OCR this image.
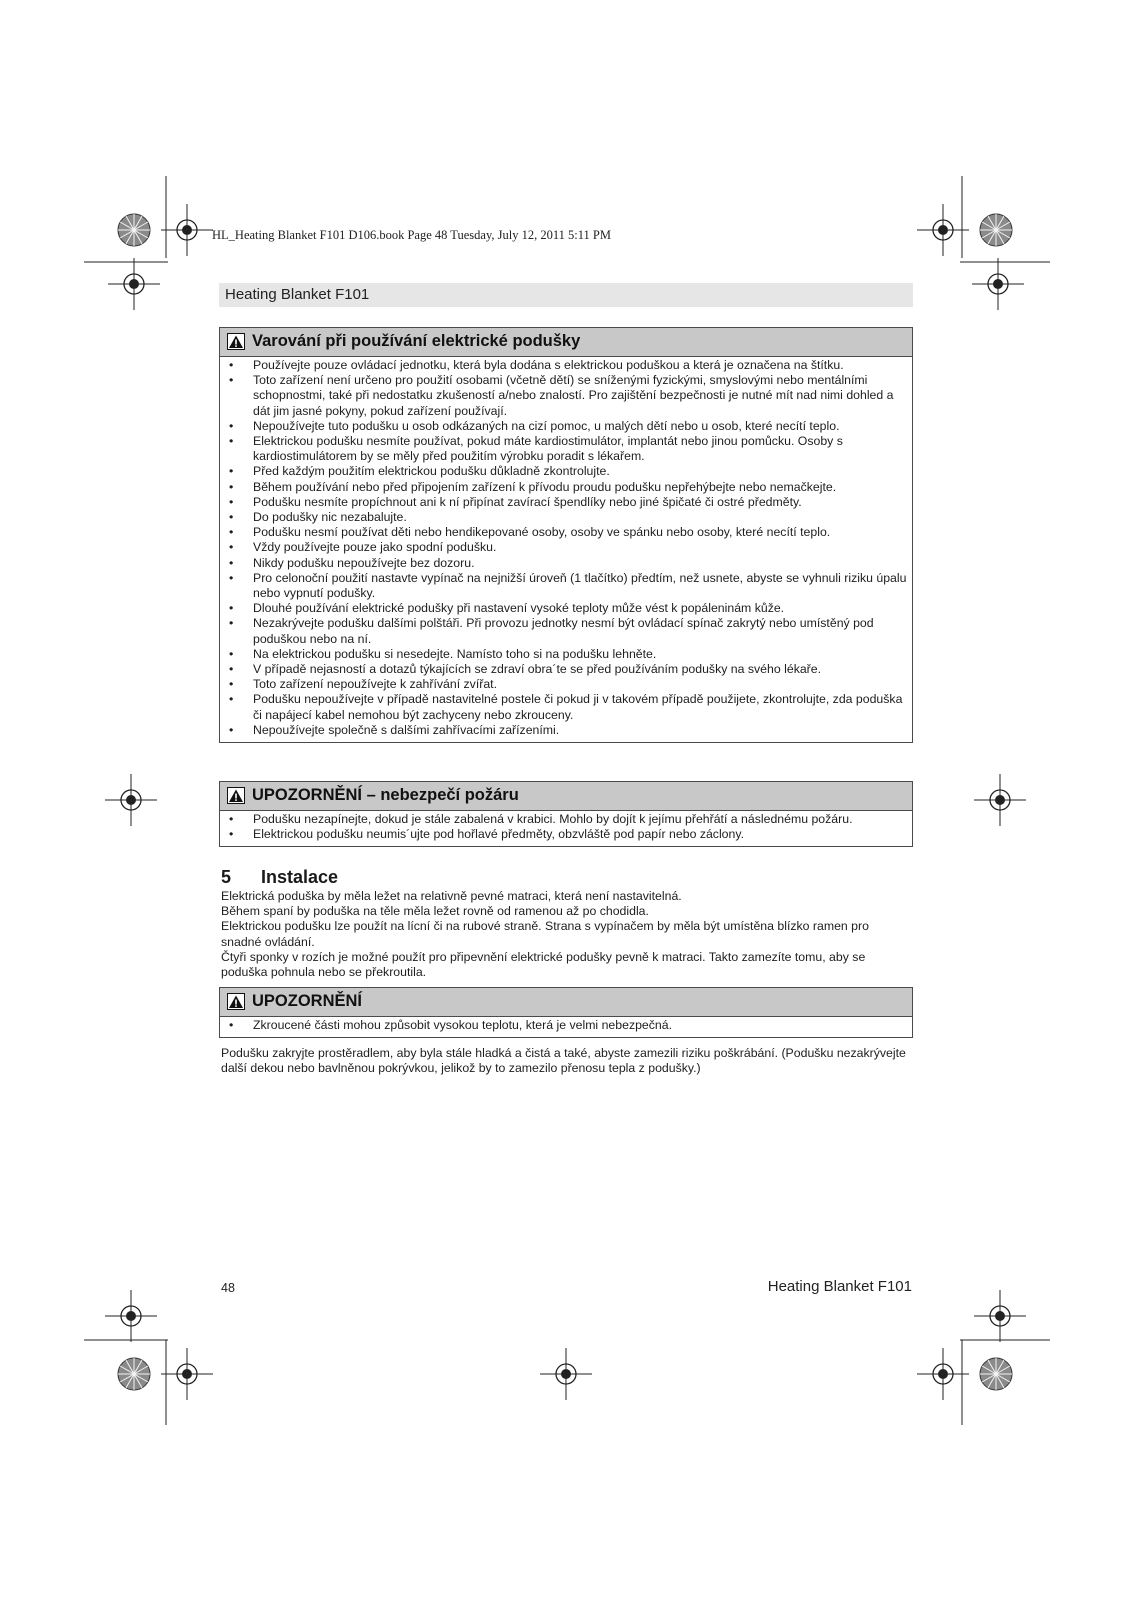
HL_Heating Blanket F101 D106.book Page 48 Tuesday, July 12, 2011 5:11 PM
Heating Blanket F101
Varování při používání elektrické podušky
• Používejte pouze ovládací jednotku, která byla dodána s elektrickou poduškou a která je označena na štítku.
• Toto zařízení není určeno pro použití osobami (včetně dětí) se sníženými fyzickými, smyslovými nebo mentálními schopnostmi, také při nedostatku zkušeností a/nebo znalostí. Pro zajištění bezpečnosti je nutné mít nad nimi dohled a dát jim jasné pokyny, pokud zařízení používají.
• Nepoužívejte tuto podušku u osob odkázaných na cizí pomoc, u malých dětí nebo u osob, které necítí teplo.
• Elektrickou podušku nesmíte používat, pokud máte kardiostimulátor, implantát nebo jinou pomůcku. Osoby s kardiostimulátorem by se měly před použitím výrobku poradit s lékařem.
• Před každým použitím elektrickou podušku důkladně zkontrolujte.
• Během používání nebo před připojením zařízení k přívodu proudu podušku nepřehýbejte nebo nemačkejte.
• Podušku nesmíte propíchnout ani k ní připínat zavírací špendlíky nebo jiné špičaté či ostré předměty.
• Do podušky nic nezabalujte.
• Podušku nesmí používat děti nebo hendikepované osoby, osoby ve spánku nebo osoby, které necítí teplo.
• Vždy používejte pouze jako spodní podušku.
• Nikdy podušku nepoužívejte bez dozoru.
• Pro celonoční použití nastavte vypínač na nejnižší úroveň (1 tlačítko) předtím, než usnete, abyste se vyhnuli riziku úpalu nebo vypnutí podušky.
• Dlouhé používání elektrické podušky při nastavení vysoké teploty může vést k popáleninám kůže.
• Nezakrývejte podušku dalšími polštáři. Při provozu jednotky nesmí být ovládací spínač zakrytý nebo umístěný pod poduškou nebo na ní.
• Na elektrickou podušku si nesedejte. Namísto toho si na podušku lehněte.
• V případě nejasností a dotazů týkajících se zdraví obra´te se před používáním podušky na svého lékaře.
• Toto zařízení nepoužívejte k zahřívání zvířat.
• Podušku nepoužívejte v případě nastavitelné postele či pokud ji v takovém případě použijete, zkontrolujte, zda poduška či napájecí kabel nemohou být zachyceny nebo zkrouceny.
• Nepoužívejte společně s dalšími zahřívacími zařízeními.
UPOZORNĚNÍ – nebezpečí požáru
• Podušku nezapínejte, dokud je stále zabalená v krabici. Mohlo by dojít k jejímu přehřátí a následnému požáru.
• Elektrickou podušku neumis´ujte pod hořlavé předměty, obzvláště pod papír nebo záclony.
5 Instalace

Elektrická poduška by měla ležet na relativně pevné matraci, která není nastavitelná.

Během spaní by poduška na těle měla ležet rovně od ramenou až po chodidla.

Elektrickou podušku lze použít na lícní či na rubové straně. Strana s vypínačem by měla být umístěna blízko ramen pro snadné ovládání.

Čtyři sponky v rozích je možné použít pro připevnění elektrické podušky pevně k matraci. Takto zamezíte tomu, aby se poduška pohnula nebo se překroutila.

UPOZORNĚNÍ
• Zkroucené části mohou způsobit vysokou teplotu, která je velmi nebezpečná.

Podušku zakryjte prostěradlem, aby byla stále hladká a čistá a také, abyste zamezili riziku poškrábání. (Podušku nezakrývejte další dekou nebo bavlněnou pokrývkou, jelikož by to zamezilo přenosu tepla z podušky.)

48	Heating Blanket F101
